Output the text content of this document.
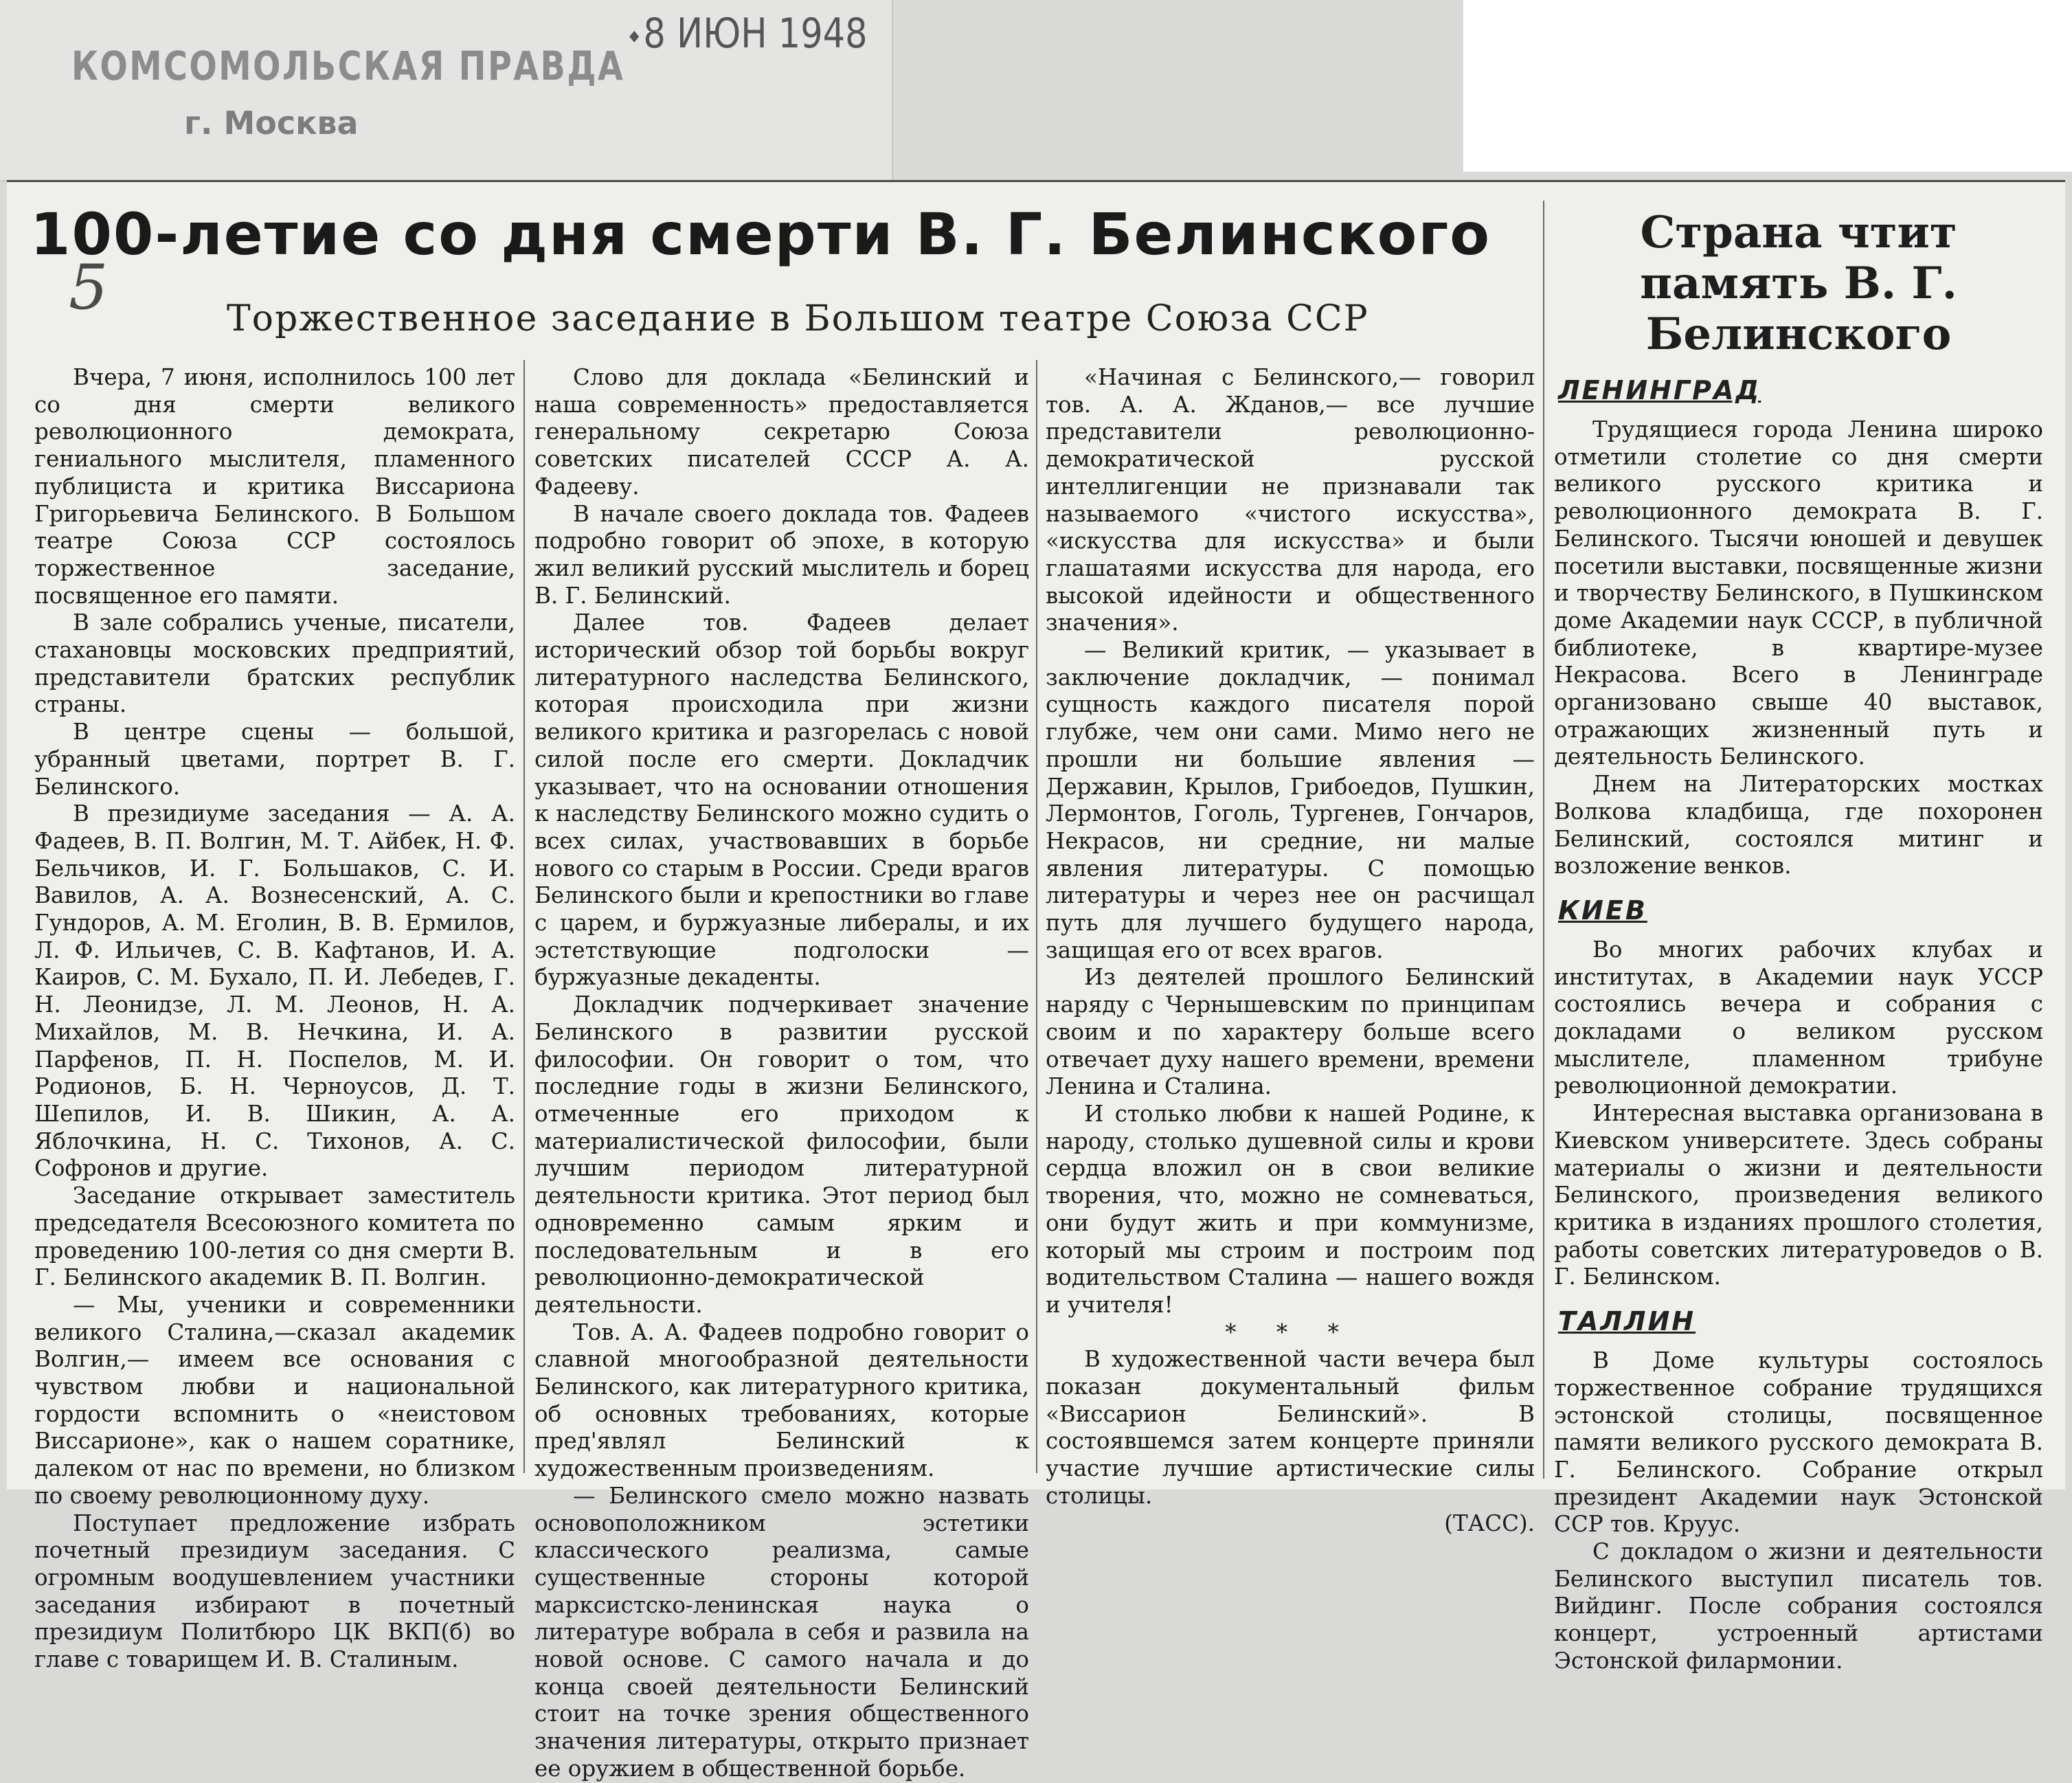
КОМСОМОЛЬСКАЯ ПРАВДА
г. Москва
◆ 8 ИЮН 1948
100-летие со дня смерти В. Г. Белинского
5	Торжественное заседание в Большом театре Союза ССР

Вчера, 7 июня, исполнилось 100 лет со дня смерти великого революционного демократа, гениального мыслителя, пламенного публициста и критика Виссариона Григорьевича Белинского. В Большом театре Союза ССР состоялось торжественное заседание, посвященное его памяти.

В зале собрались ученые, писатели, стахановцы московских предприятий, представители братских республик страны.

В центре сцены — большой, убранный цветами, портрет В. Г. Белинского.

В президиуме заседания — А. А. Фадеев, В. П. Волгин, М. Т. Айбек, Н. Ф. Бельчиков, И. Г. Большаков, С. И. Вавилов, А. А. Вознесенский, А. С. Гундоров, А. М. Еголин, В. В. Ермилов, Л. Ф. Ильичев, С. В. Кафтанов, И. А. Каиров, С. М. Бухало, П. И. Лебедев, Г. Н. Леонидзе, Л. М. Леонов, Н. А. Михайлов, М. В. Нечкина, И. А. Парфенов, П. Н. Поспелов, М. И. Родионов, Б. Н. Черноусов, Д. Т. Шепилов, И. В. Шикин, А. А. Яблочкина, Н. С. Тихонов, А. С. Софронов и другие.

Заседание открывает заместитель председателя Всесоюзного комитета по проведению 100-летия со дня смерти В. Г. Белинского академик В. П. Волгин.

— Мы, ученики и современники великого Сталина,—сказал академик Волгин,— имеем все основания с чувством любви и национальной гордости вспомнить о «неистовом Виссарионе», как о нашем соратнике, далеком от нас по времени, но близком по своему революционному духу.

Поступает предложение избрать почетный президиум заседания. С огромным воодушевлением участники заседания избирают в почетный президиум Политбюро ЦК ВКП(б) во главе с товарищем И. В. Сталиным.

Слово для доклада «Белинский и наша современность» предоставляется генеральному секретарю Союза советских писателей СССР А. А. Фадееву.

В начале своего доклада тов. Фадеев подробно говорит об эпохе, в которую жил великий русский мыслитель и борец В. Г. Белинский.

Далее тов. Фадеев делает исторический обзор той борьбы вокруг литературного наследства Белинского, которая происходила при жизни великого критика и разгорелась с новой силой после его смерти. Докладчик указывает, что на основании отношения к наследству Белинского можно судить о всех силах, участвовавших в борьбе нового со старым в России. Среди врагов Белинского были и крепостники во главе с царем, и буржуазные либералы, и их эстетствующие подголоски — буржуазные декаденты.

Докладчик подчеркивает значение Белинского в развитии русской философии. Он говорит о том, что последние годы в жизни Белинского, отмеченные его приходом к материалистической философии, были лучшим периодом литературной деятельности критика. Этот период был одновременно самым ярким и последовательным и в его революционно-демократической деятельности.

Тов. А. А. Фадеев подробно говорит о славной многообразной деятельности Белинского, как литературного критика, об основных требованиях, которые пред'являл Белинский к художественным произведениям.

— Белинского смело можно назвать основоположником эстетики классического реализма, самые существенные стороны которой марксистско-ленинская наука о литературе вобрала в себя и развила на новой основе. С самого начала и до конца своей деятельности Белинский стоит на точке зрения общественного значения литературы, открыто признает ее оружием в общественной борьбе.

«Начиная с Белинского,— говорил тов. А. А. Жданов,— все лучшие представители революционно-демократической русской интеллигенции не признавали так называемого «чистого искусства», «искусства для искусства» и были глашатаями искусства для народа, его высокой идейности и общественного значения».

— Великий критик, — указывает в заключение докладчик, — понимал сущность каждого писателя порой глубже, чем они сами. Мимо него не прошли ни большие явления — Державин, Крылов, Грибоедов, Пушкин, Лермонтов, Гоголь, Тургенев, Гончаров, Некрасов, ни средние, ни малые явления литературы. С помощью литературы и через нее он расчищал путь для лучшего будущего народа, защищая его от всех врагов.

Из деятелей прошлого Белинский наряду с Чернышевским по принципам своим и по характеру больше всего отвечает духу нашего времени, времени Ленина и Сталина.

И столько любви к нашей Родине, к народу, столько душевной силы и крови сердца вложил он в свои великие творения, что, можно не сомневаться, они будут жить и при коммунизме, который мы строим и построим под водительством Сталина — нашего вождя и учителя!

* * *

В художественной части вечера был показан документальный фильм «Виссарион Белинский». В состоявшемся затем концерте приняли участие лучшие артистические силы столицы.

(ТАСС).

Страна чтит память В. Г. Белинского
ЛЕНИНГРАД

Трудящиеся города Ленина широко отметили столетие со дня смерти великого русского критика и революционного демократа В. Г. Белинского. Тысячи юношей и девушек посетили выставки, посвященные жизни и творчеству Белинского, в Пушкинском доме Академии наук СССР, в публичной библиотеке, в квартире-музее Некрасова. Всего в Ленинграде организовано свыше 40 выставок, отражающих жизненный путь и деятельность Белинского.

Днем на Литераторских мостках Волкова кладбища, где похоронен Белинский, состоялся митинг и возложение венков.

КИЕВ

Во многих рабочих клубах и институтах, в Академии наук УССР состоялись вечера и собрания с докладами о великом русском мыслителе, пламенном трибуне революционной демократии.

Интересная выставка организована в Киевском университете. Здесь собраны материалы о жизни и деятельности Белинского, произведения великого критика в изданиях прошлого столетия, работы советских литературоведов о В. Г. Белинском.

ТАЛЛИН

В Доме культуры состоялось торжественное собрание трудящихся эстонской столицы, посвященное памяти великого русского демократа В. Г. Белинского. Собрание открыл президент Академии наук Эстонской ССР тов. Круус.

С докладом о жизни и деятельности Белинского выступил писатель тов. Вийдинг. После собрания состоялся концерт, устроенный артистами Эстонской филармонии.
